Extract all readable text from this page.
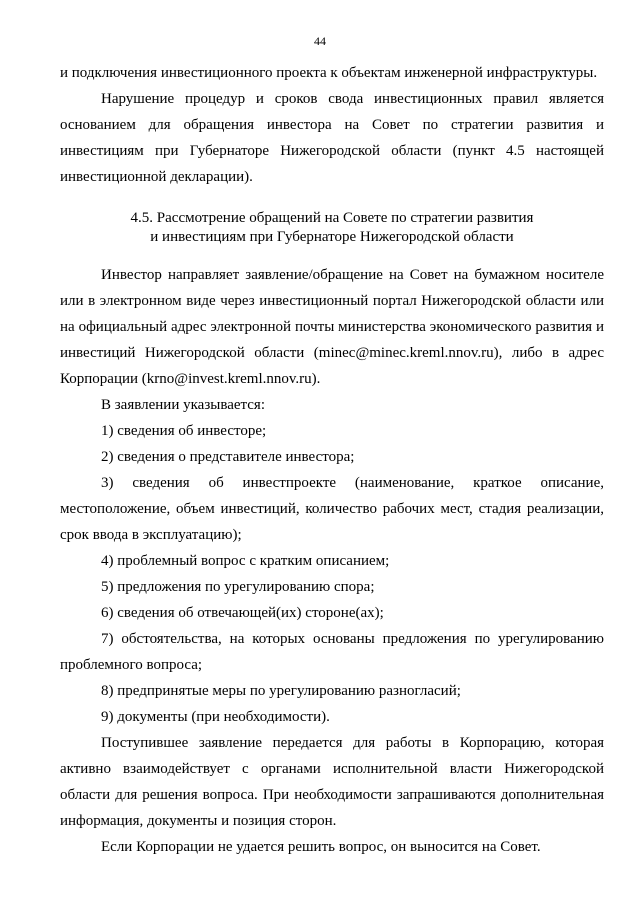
44

и подключения инвестиционного проекта к объектам инженерной инфраструктуры.

Нарушение процедур и сроков свода инвестиционных правил является основанием для обращения инвестора на Совет по стратегии развития и инвестициям при Губернаторе Нижегородской области (пункт 4.5 настоящей инвестиционной декларации).

4.5. Рассмотрение обращений на Совете по стратегии развития
и инвестициям при Губернаторе Нижегородской области

Инвестор направляет заявление/обращение на Совет на бумажном носителе или в электронном виде через инвестиционный портал Нижегородской области или на официальный адрес электронной почты министерства экономического развития и инвестиций Нижегородской области (minec@minec.kreml.nnov.ru), либо в адрес Корпорации (krno@invest.kreml.nnov.ru).

В заявлении указывается:

1) сведения об инвесторе;

2) сведения о представителе инвестора;

3) сведения об инвестпроекте (наименование, краткое описание, местоположение, объем инвестиций, количество рабочих мест, стадия реализации, срок ввода в эксплуатацию);

4) проблемный вопрос с кратким описанием;

5) предложения по урегулированию спора;

6) сведения об отвечающей(их) стороне(ах);

7) обстоятельства, на которых основаны предложения по урегулированию проблемного вопроса;

8) предпринятые меры по урегулированию разногласий;

9) документы (при необходимости).

Поступившее заявление передается для работы в Корпорацию, которая активно взаимодействует с органами исполнительной власти Нижегородской области для решения вопроса. При необходимости запрашиваются дополнительная информация, документы и позиция сторон.

Если Корпорации не удается решить вопрос, он выносится на Совет.
